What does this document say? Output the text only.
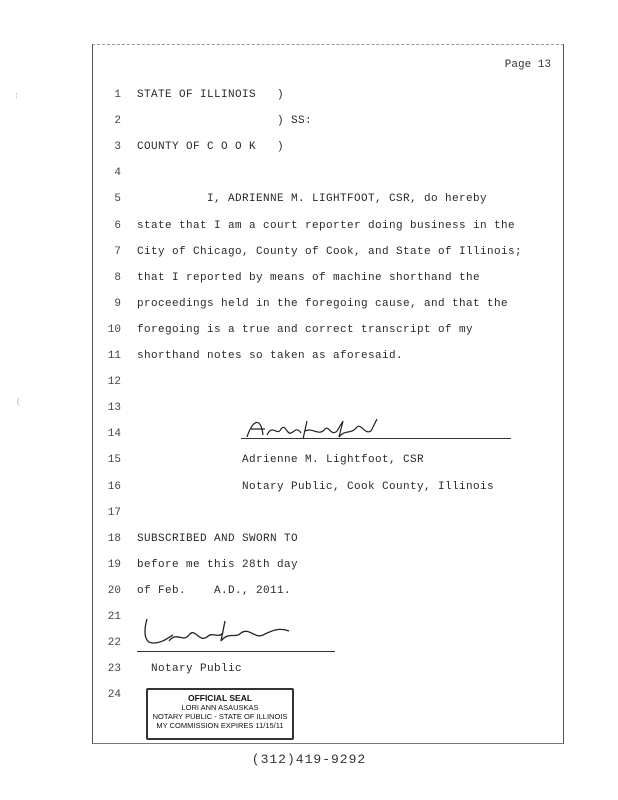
Page 13
1 STATE OF ILLINOIS   )
2 ) SS:
3 COUNTY OF C O O K   )
4
5 I, ADRIENNE M. LIGHTFOOT, CSR, do hereby
6 state that I am a court reporter doing business in the
7 City of Chicago, County of Cook, and State of Illinois;
8 that I reported by means of machine shorthand the
9 proceedings held in the foregoing cause, and that the
10 foregoing is a true and correct transcript of my
11 shorthand notes so taken as aforesaid.
12
13
14
15 Adrienne M. Lightfoot, CSR
16 Notary Public, Cook County, Illinois
17
18 SUBSCRIBED AND SWORN TO
19 before me this 28th day
20 of Feb.    A.D., 2011.
21
22
23 Notary Public
24	OFFICIAL SEAL
LORI ANN ASAUSKAS
NOTARY PUBLIC - STATE OF ILLINOIS
MY COMMISSION EXPIRES 11/15/11
(312)419-9292
:
(
